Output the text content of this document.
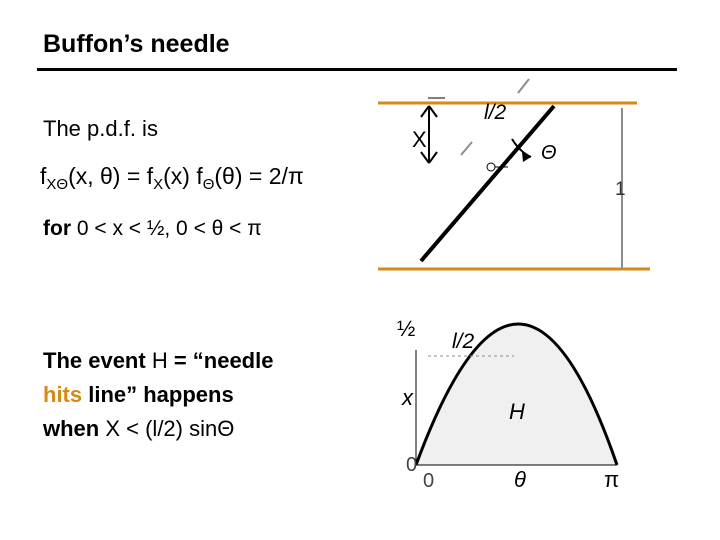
Buffon’s needle
The p.d.f. is
$f_{X\Theta}(x$, $\theta) = f_X(x) f_\Theta(\theta) = 2/\pi$
for 0 < x < ½, 0 < θ < π
The event H = “needle
hits line” happens
when X < (l/2) sinΘ
X
l/2
Θ
1
½
l/2
x
H
0
0	θ	π
